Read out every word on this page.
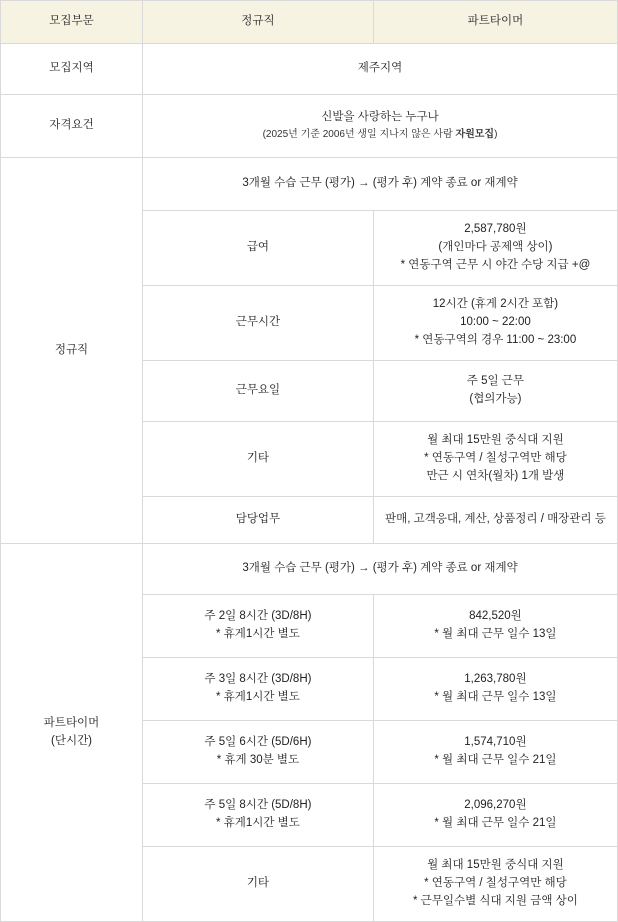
모집부문	정규직	파트타이머
모집지역	제주지역	
자격요건	신발을 사랑하는 누구나
(2025년 기준 2006년 생일 지나지 않은 사람 자원모집)	

정규직	3개월 수습 근무 (평가) → (평가 후) 계약 종료 or 재계약	
	급여	2,587,780원
(개인마다 공제액 상이)
* 연동구역 근무 시 야간 수당 지급 +@

	근무시간	12시간 (휴게 2시간 포함)
10:00 ~ 22:00
* 연동구역의 경우 11:00 ~ 23:00

	근무요일	주 5일 근무
(협의가능)

	기타	월 최대 15만원 중식대 지원
* 연동구역 / 칠성구역만 해당
만근 시 연차(월차) 1개 발생

	담당업무	판매, 고객응대, 계산, 상품정리 / 매장관리 등

파트타이머
(단시간)	3개월 수습 근무 (평가) → (평가 후) 계약 종료 or 재계약	

	주 2일 8시간 (3D/8H)
* 휴게1시간 별도	842,520원
* 월 최대 근무 일수 13일

	주 3일 8시간 (3D/8H)
* 휴게1시간 별도	1,263,780원
* 월 최대 근무 일수 13일

	주 5일 6시간 (5D/6H)
* 휴게 30분 별도	1,574,710원
* 월 최대 근무 일수 21일

	주 5일 8시간 (5D/8H)
* 휴게1시간 별도	2,096,270원
* 월 최대 근무 일수 21일

	기타	월 최대 15만원 중식대 지원
* 연동구역 / 칠성구역만 해당
* 근무일수별 식대 지원 금액 상이
